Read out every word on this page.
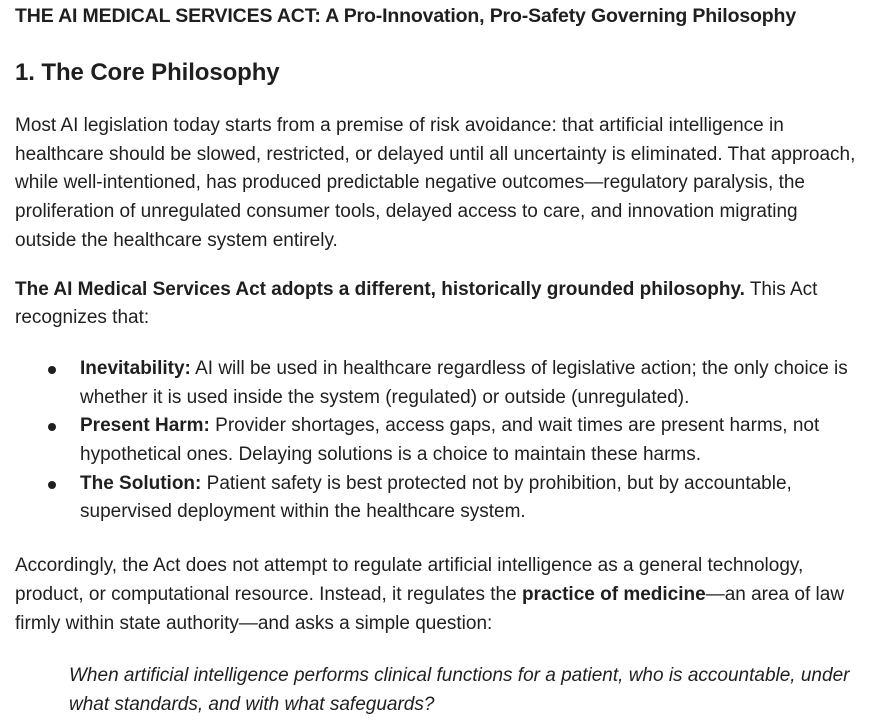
THE AI MEDICAL SERVICES ACT: A Pro-Innovation, Pro-Safety Governing Philosophy
1. The Core Philosophy

Most AI legislation today starts from a premise of risk avoidance: that artificial intelligence in healthcare should be slowed, restricted, or delayed until all uncertainty is eliminated. That approach, while well-intentioned, has produced predictable negative outcomes—regulatory paralysis, the proliferation of unregulated consumer tools, delayed access to care, and innovation migrating outside the healthcare system entirely.

The AI Medical Services Act adopts a different, historically grounded philosophy. This Act recognizes that:

Inevitability: AI will be used in healthcare regardless of legislative action; the only choice is whether it is used inside the system (regulated) or outside (unregulated).
Present Harm: Provider shortages, access gaps, and wait times are present harms, not hypothetical ones. Delaying solutions is a choice to maintain these harms.
The Solution: Patient safety is best protected not by prohibition, but by accountable, supervised deployment within the healthcare system.

Accordingly, the Act does not attempt to regulate artificial intelligence as a general technology, product, or computational resource. Instead, it regulates the practice of medicine—an area of law firmly within state authority—and asks a simple question:

When artificial intelligence performs clinical functions for a patient, who is accountable, under what standards, and with what safeguards?
